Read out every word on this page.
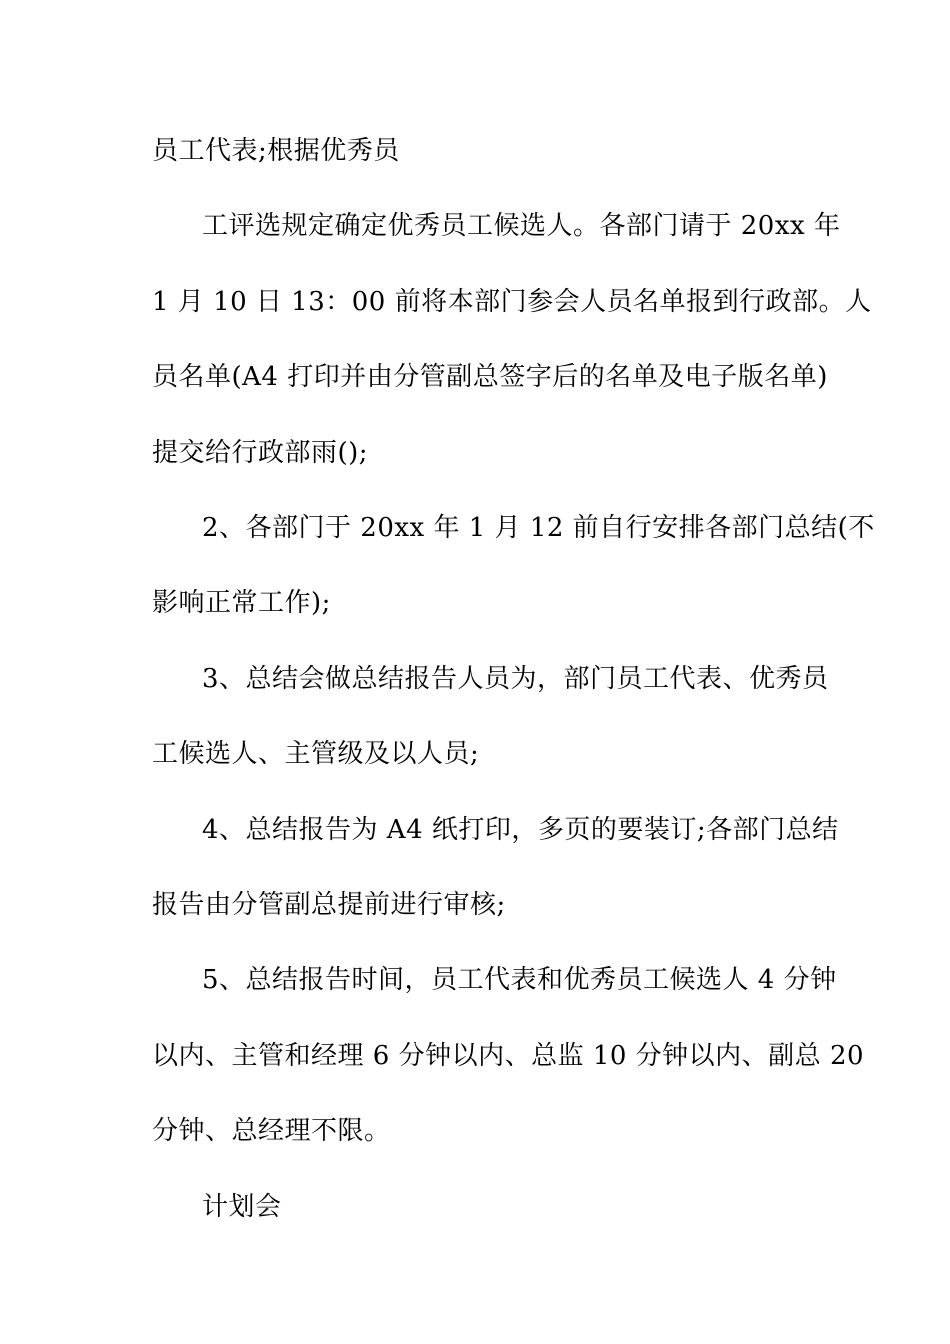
员工代表;根据优秀员
工评选规定确定优秀员工候选人。各部门请于 20xx 年
1 月 10 日 13：00 前将本部门参会人员名单报到行政部。人
员名单(A4 打印并由分管副总签字后的名单及电子版名单)
提交给行政部雨();
2、各部门于 20xx 年 1 月 12 前自行安排各部门总结(不
影响正常工作);
3、总结会做总结报告人员为，部门员工代表、优秀员
工候选人、主管级及以人员;
4、总结报告为 A4 纸打印，多页的要装订;各部门总结
报告由分管副总提前进行审核;
5、总结报告时间，员工代表和优秀员工候选人 4 分钟
以内、主管和经理 6 分钟以内、总监 10 分钟以内、副总 20
分钟、总经理不限。
计划会
